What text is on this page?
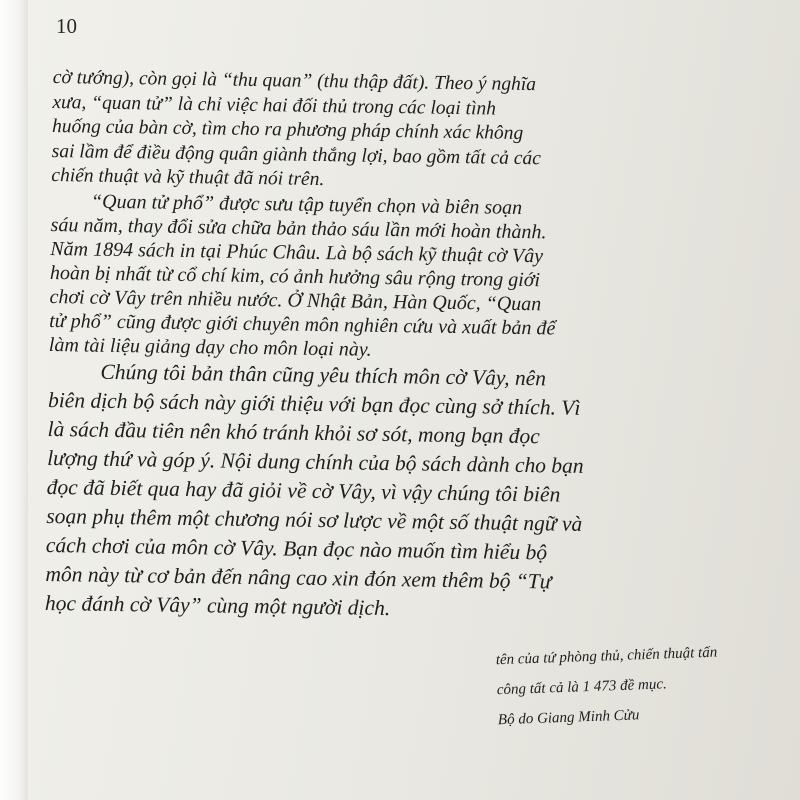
tên của tứ phòng thủ, chiến thuật tấn
công tất cả là 1 473 đề mục.
Bộ do Giang Minh Cửu
10
cờ tướng), còn gọi là “thu quan” (thu thập đất). Theo ý nghĩa
xưa, “quan tử” là chỉ việc hai đối thủ trong các loại tình
huống của bàn cờ, tìm cho ra phương pháp chính xác không
sai lầm để điều động quân giành thắng lợi, bao gồm tất cả các
chiến thuật và kỹ thuật đã nói trên.
“Quan tử phổ” được sưu tập tuyển chọn và biên soạn
sáu năm, thay đổi sửa chữa bản thảo sáu lần mới hoàn thành.
Năm 1894 sách in tại Phúc Châu. Là bộ sách kỹ thuật cờ Vây
hoàn bị nhất từ cổ chí kim, có ảnh hưởng sâu rộng trong giới
chơi cờ Vây trên nhiều nước. Ở Nhật Bản, Hàn Quốc, “Quan
tử phổ” cũng được giới chuyên môn nghiên cứu và xuất bản để
làm tài liệu giảng dạy cho môn loại này.
Chúng tôi bản thân cũng yêu thích môn cờ Vây, nên
biên dịch bộ sách này giới thiệu với bạn đọc cùng sở thích. Vì
là sách đầu tiên nên khó tránh khỏi sơ sót, mong bạn đọc
lượng thứ và góp ý. Nội dung chính của bộ sách dành cho bạn
đọc đã biết qua hay đã giỏi về cờ Vây, vì vậy chúng tôi biên
soạn phụ thêm một chương nói sơ lược về một số thuật ngữ và
cách chơi của môn cờ Vây. Bạn đọc nào muốn tìm hiểu bộ
môn này từ cơ bản đến nâng cao xin đón xem thêm bộ “Tự
học đánh cờ Vây” cùng một người dịch.
